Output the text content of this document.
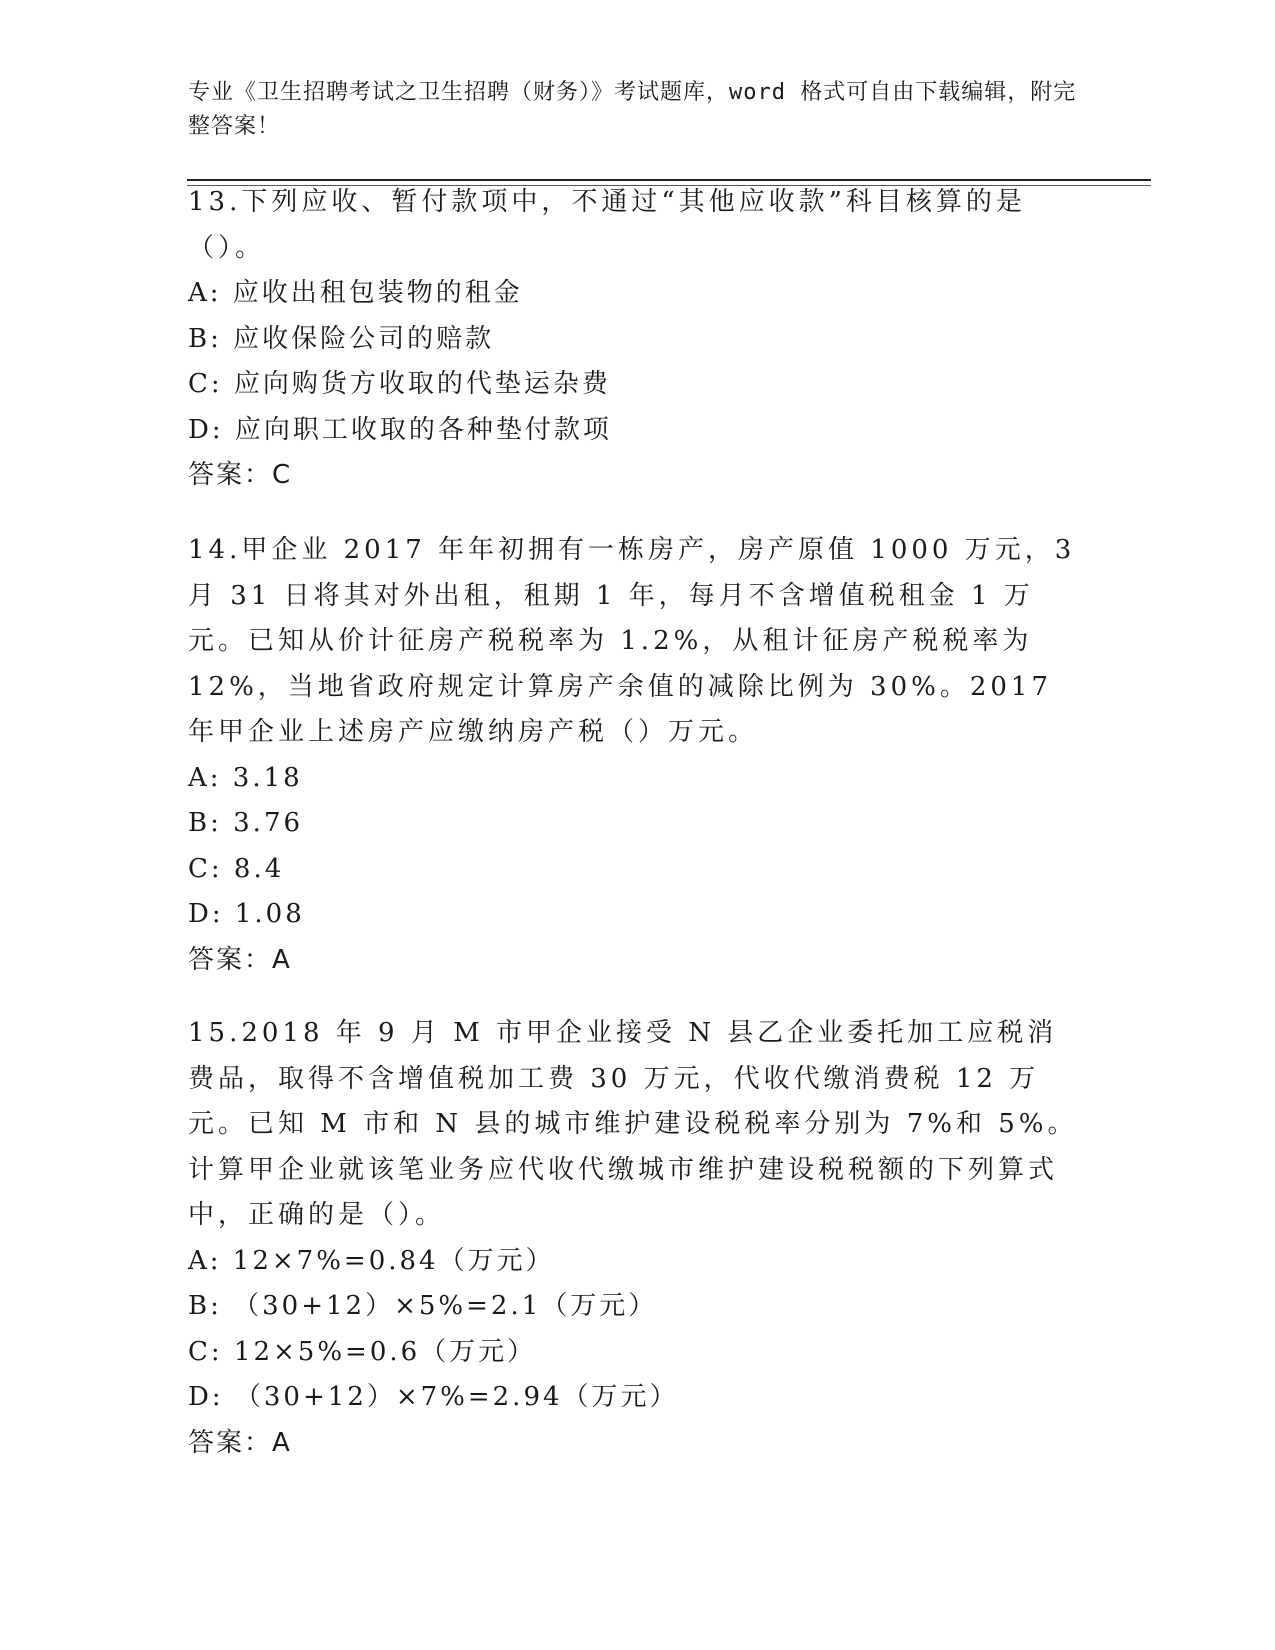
专业《卫生招聘考试之卫生招聘（财务）》考试题库，word 格式可自由下载编辑，附完整答案！

13.下列应收、暂付款项中，不通过“其他应收款”科目核算的是（）。

A: 应收出租包装物的租金

B: 应收保险公司的赔款

C: 应向购货方收取的代垫运杂费

D: 应向职工收取的各种垫付款项

答案：C

14.甲企业 2017 年年初拥有一栋房产，房产原值 1000 万元，3 月 31 日将其对外出租，租期 1 年，每月不含增值税租金 1 万元。已知从价计征房产税税率为 1.2%，从租计征房产税税率为 12%，当地省政府规定计算房产余值的减除比例为 30%。2017 年甲企业上述房产应缴纳房产税（）万元。

A: 3.18

B: 3.76

C: 8.4

D: 1.08

答案：A

15.2018 年 9 月 M 市甲企业接受 N 县乙企业委托加工应税消费品，取得不含增值税加工费 30 万元，代收代缴消费税 12 万元。已知 M 市和 N 县的城市维护建设税税率分别为 7%和 5%。计算甲企业就该笔业务应代收代缴城市维护建设税税额的下列算式中，正确的是（）。

A: 12×7%=0.84（万元）

B: （30+12）×5%=2.1（万元）

C: 12×5%=0.6（万元）

D: （30+12）×7%=2.94（万元）

答案：A
